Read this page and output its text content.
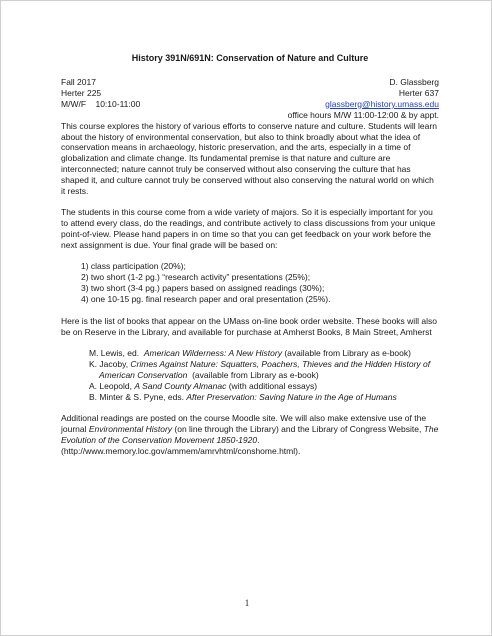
History 391N/691N: Conservation of Nature and Culture
Fall 2017
Herter 225
M/W/F    10:10-11:00
D. Glassberg
Herter 637
glassberg@history.umass.edu
office hours M/W 11:00-12:00 & by appt.

This course explores the history of various efforts to conserve nature and culture. Students will learn about the history of environmental conservation, but also to think broadly about what the idea of conservation means in archaeology, historic preservation, and the arts, especially in a time of globalization and climate change. Its fundamental premise is that nature and culture are interconnected; nature cannot truly be conserved without also conserving the culture that has shaped it, and culture cannot truly be conserved without also conserving the natural world on which it rests.

The students in this course come from a wide variety of majors. So it is especially important for you to attend every class, do the readings, and contribute actively to class discussions from your unique point-of-view. Please hand papers in on time so that you can get feedback on your work before the next assignment is due. Your final grade will be based on:

1) class participation (20%);
2) two short (1-2 pg.) “research activity” presentations (25%);
3) two short (3-4 pg.) papers based on assigned readings (30%);
4) one 10-15 pg. final research paper and oral presentation (25%).

Here is the list of books that appear on the UMass on-line book order website. These books will also be on Reserve in the Library, and available for purchase at Amherst Books, 8 Main Street, Amherst

M. Lewis, ed.  American Wilderness: A New History (available from Library as e-book)
K. Jacoby, Crimes Against Nature: Squatters, Poachers, Thieves and the Hidden History of American Conservation  (available from Library as e-book)
A. Leopold, A Sand County Almanac (with additional essays)
B. Minter & S. Pyne, eds. After Preservation: Saving Nature in the Age of Humans

Additional readings are posted on the course Moodle site. We will also make extensive use of the journal Environmental History (on line through the Library) and the Library of Congress Website, The Evolution of the Conservation Movement 1850-1920. (http://www.memory.loc.gov/ammem/amrvhtml/conshome.html).

1
